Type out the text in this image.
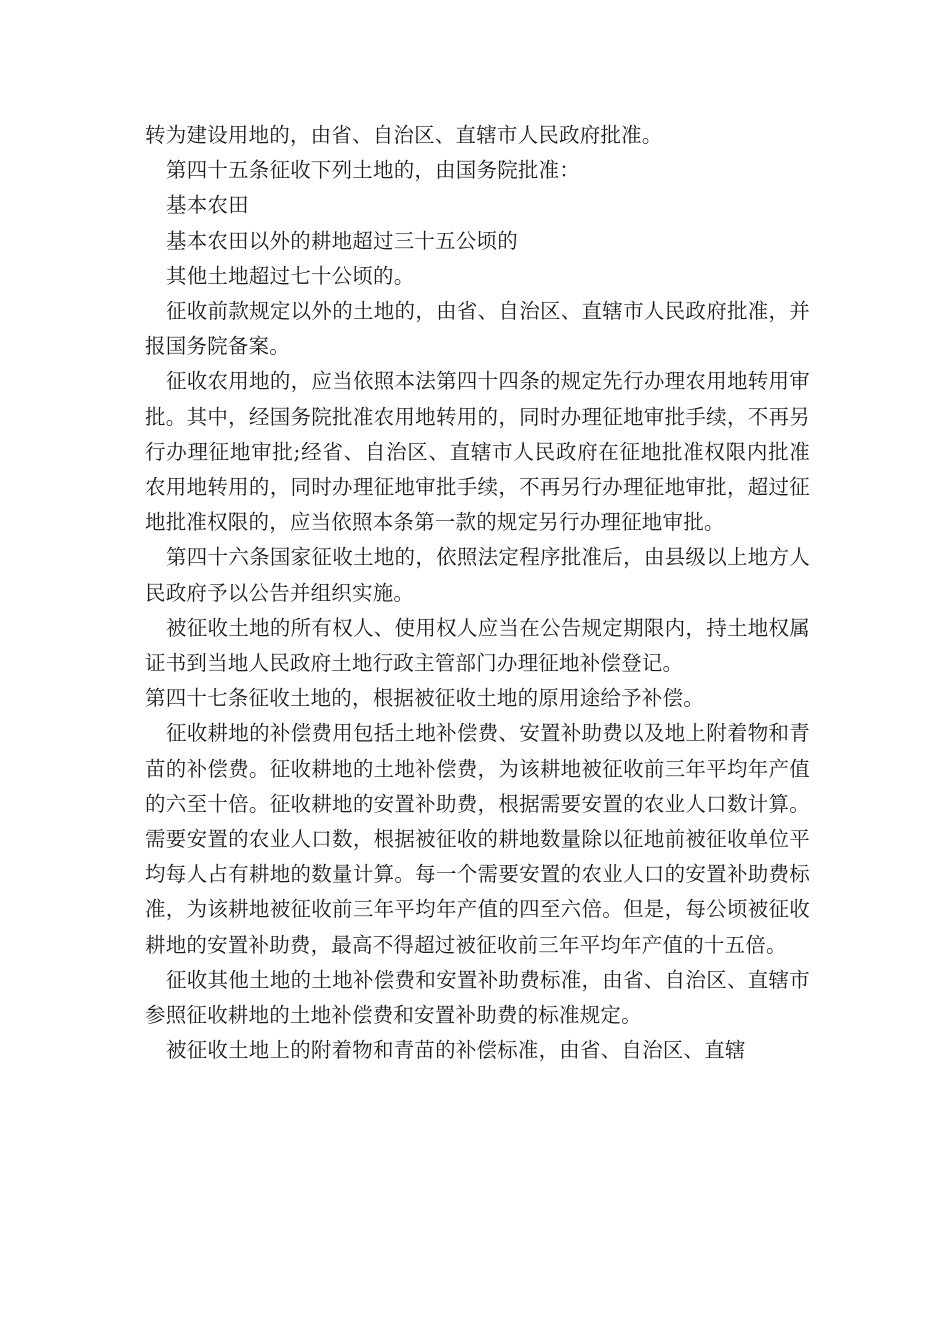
转为建设用地的，由省、自治区、直辖市人民政府批准。

第四十五条征收下列土地的，由国务院批准：

基本农田

基本农田以外的耕地超过三十五公顷的

其他土地超过七十公顷的。

征收前款规定以外的土地的，由省、自治区、直辖市人民政府批准，并报国务院备案。

征收农用地的，应当依照本法第四十四条的规定先行办理农用地转用审批。其中，经国务院批准农用地转用的，同时办理征地审批手续，不再另行办理征地审批;经省、自治区、直辖市人民政府在征地批准权限内批准农用地转用的，同时办理征地审批手续，不再另行办理征地审批，超过征地批准权限的，应当依照本条第一款的规定另行办理征地审批。

第四十六条国家征收土地的，依照法定程序批准后，由县级以上地方人民政府予以公告并组织实施。

被征收土地的所有权人、使用权人应当在公告规定期限内，持土地权属证书到当地人民政府土地行政主管部门办理征地补偿登记。

第四十七条征收土地的，根据被征收土地的原用途给予补偿。

征收耕地的补偿费用包括土地补偿费、安置补助费以及地上附着物和青苗的补偿费。征收耕地的土地补偿费，为该耕地被征收前三年平均年产值的六至十倍。征收耕地的安置补助费，根据需要安置的农业人口数计算。需要安置的农业人口数，根据被征收的耕地数量除以征地前被征收单位平均每人占有耕地的数量计算。每一个需要安置的农业人口的安置补助费标准，为该耕地被征收前三年平均年产值的四至六倍。但是，每公顷被征收耕地的安置补助费，最高不得超过被征收前三年平均年产值的十五倍。

征收其他土地的土地补偿费和安置补助费标准，由省、自治区、直辖市参照征收耕地的土地补偿费和安置补助费的标准规定。

被征收土地上的附着物和青苗的补偿标准，由省、自治区、直辖
